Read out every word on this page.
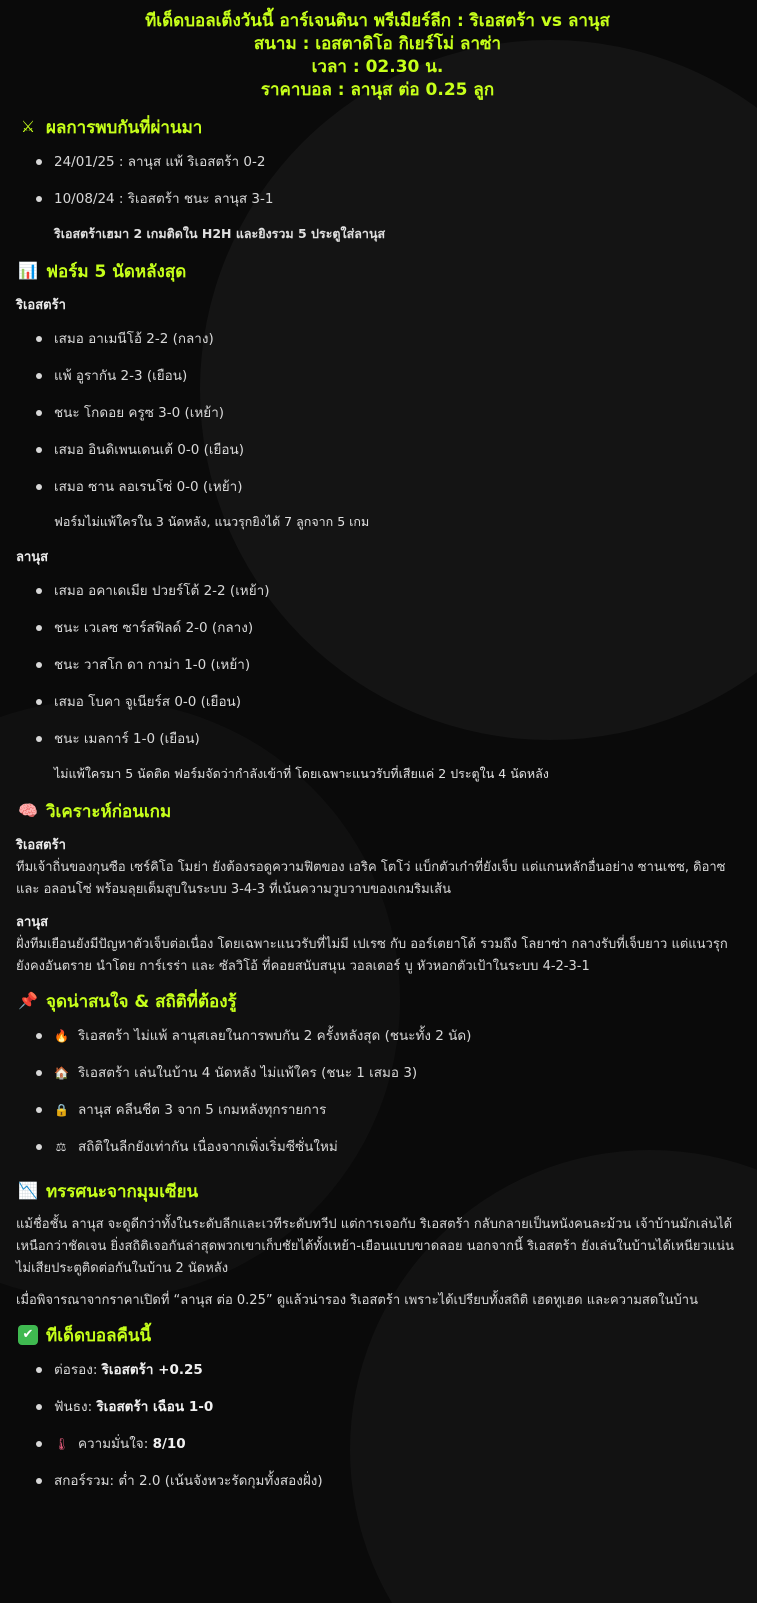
ทีเด็ดบอลเต็งวันนี้ อาร์เจนตินา พรีเมียร์ลีก : ริเอสตร้า vs ลานุส
สนาม : เอสตาดิโอ กิเยร์โม่ ลาซ่า
เวลา : 02.30 น.
ราคาบอล : ลานุส ต่อ 0.25 ลูก
⚔ ผลการพบกันที่ผ่านมา
24/01/25 : ลานุส แพ้ ริเอสตร้า 0-2
10/08/24 : ริเอสตร้า ชนะ ลานุส 3-1
ริเอสตร้าเฮมา 2 เกมติดใน H2H และยิงรวม 5 ประตูใส่ลานุส
📊 ฟอร์ม 5 นัดหลังสุด
ริเอสตร้า
เสมอ อาเมนีโอ้ 2-2 (กลาง)
แพ้ อูรากัน 2-3 (เยือน)
ชนะ โกดอย ครูซ 3-0 (เหย้า)
เสมอ อินดิเพนเดนเต้ 0-0 (เยือน)
เสมอ ซาน ลอเรนโซ่ 0-0 (เหย้า)
ฟอร์มไม่แพ้ใครใน 3 นัดหลัง, แนวรุกยิงได้ 7 ลูกจาก 5 เกม
ลานุส
เสมอ อคาเดเมีย ปวยร์โต้ 2-2 (เหย้า)
ชนะ เวเลซ ซาร์สฟิลด์ 2-0 (กลาง)
ชนะ วาสโก ดา กาม่า 1-0 (เหย้า)
เสมอ โบคา จูเนียร์ส 0-0 (เยือน)
ชนะ เมลการ์ 1-0 (เยือน)
ไม่แพ้ใครมา 5 นัดติด ฟอร์มจัดว่ากำลังเข้าที่ โดยเฉพาะแนวรับที่เสียแค่ 2 ประตูใน 4 นัดหลัง
🧠 วิเคราะห์ก่อนเกม
ริเอสตร้า
ทีมเจ้าถิ่นของกุนซือ เซร์คิโอ โมย่า ยังต้องรอดูความฟิตของ เอริค โตโว่ แบ็กตัวเก๋าที่ยังเจ็บ แต่แกนหลักอื่นอย่าง ซานเชซ, ดิอาซ และ อลอนโซ่ พร้อมลุยเต็มสูบในระบบ 3-4-3 ที่เน้นความวูบวาบของเกมริมเส้น
ลานุส
ฝั่งทีมเยือนยังมีปัญหาตัวเจ็บต่อเนื่อง โดยเฉพาะแนวรับที่ไม่มี เปเรซ กับ ออร์เตยาโด้ รวมถึง โลยาซ่า กลางรับที่เจ็บยาว แต่แนวรุกยังคงอันตราย นำโดย การ์เรร่า และ ซัลวิโอ้ ที่คอยสนับสนุน วอลเตอร์ บู หัวหอกตัวเป้าในระบบ 4-2-3-1
📌 จุดน่าสนใจ & สถิติที่ต้องรู้
🔥 ริเอสตร้า ไม่แพ้ ลานุสเลยในการพบกัน 2 ครั้งหลังสุด (ชนะทั้ง 2 นัด)
🏠 ริเอสตร้า เล่นในบ้าน 4 นัดหลัง ไม่แพ้ใคร (ชนะ 1 เสมอ 3)
🔒 ลานุส คลีนชีต 3 จาก 5 เกมหลังทุกรายการ
⚖ สถิติในลีกยังเท่ากัน เนื่องจากเพิ่งเริ่มซีซั่นใหม่
📉 ทรรศนะจากมุมเซียน
แม้ชื่อชั้น ลานุส จะดูดีกว่าทั้งในระดับลีกและเวทีระดับทวีป แต่การเจอกับ ริเอสตร้า กลับกลายเป็นหนังคนละม้วน เจ้าบ้านมักเล่นได้เหนือกว่าชัดเจน ยิ่งสถิติเจอกันล่าสุดพวกเขาเก็บชัยได้ทั้งเหย้า-เยือนแบบขาดลอย นอกจากนี้ ริเอสตร้า ยังเล่นในบ้านได้เหนียวแน่น ไม่เสียประตูติดต่อกันในบ้าน 2 นัดหลัง
เมื่อพิจารณาจากราคาเปิดที่ “ลานุส ต่อ 0.25” ดูแล้วน่ารอง ริเอสตร้า เพราะได้เปรียบทั้งสถิติ เฮดทูเฮด และความสดในบ้าน
✔ ทีเด็ดบอลคืนนี้
ต่อรอง: ริเอสตร้า +0.25
ฟันธง: ริเอสตร้า เฉือน 1-0
🌡 ความมั่นใจ: 8/10
สกอร์รวม: ต่ำ 2.0 (เน้นจังหวะรัดกุมทั้งสองฝั่ง)
